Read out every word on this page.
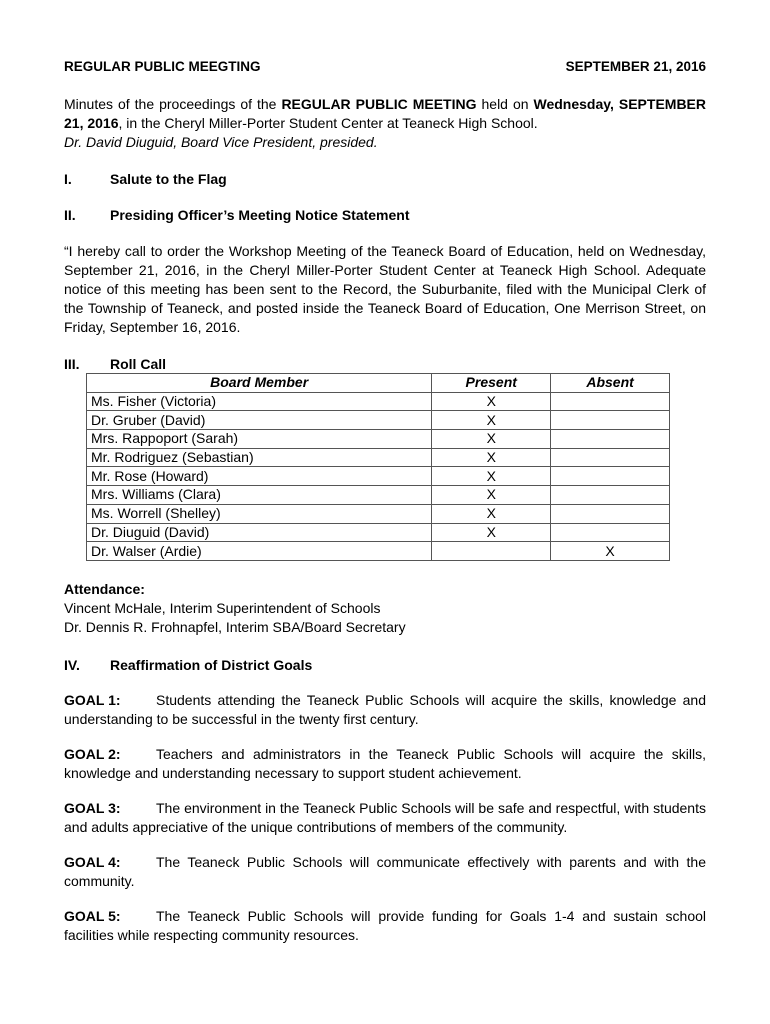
REGULAR PUBLIC MEEGTING	SEPTEMBER 21, 2016
Minutes of the proceedings of the REGULAR PUBLIC MEETING held on Wednesday, SEPTEMBER 21, 2016, in the Cheryl Miller-Porter Student Center at Teaneck High School.
Dr. David Diuguid, Board Vice President, presided.
I.	Salute to the Flag
II.	Presiding Officer’s Meeting Notice Statement
“I hereby call to order the Workshop Meeting of the Teaneck Board of Education, held on Wednesday, September 21, 2016, in the Cheryl Miller-Porter Student Center at Teaneck High School. Adequate notice of this meeting has been sent to the Record, the Suburbanite, filed with the Municipal Clerk of the Township of Teaneck, and posted inside the Teaneck Board of Education, One Merrison Street, on Friday, September 16, 2016.
III.	Roll Call
Board Member	Present	Absent
Ms. Fisher (Victoria)	X	
Dr. Gruber (David)	X	
Mrs. Rappoport (Sarah)	X	
Mr. Rodriguez (Sebastian)	X	
Mr. Rose (Howard)	X	
Mrs. Williams (Clara)	X	
Ms. Worrell (Shelley)	X	
Dr. Diuguid (David)	X	
Dr. Walser (Ardie)		X
Attendance:
Vincent McHale, Interim Superintendent of Schools
Dr. Dennis R. Frohnapfel, Interim SBA/Board Secretary
IV.	Reaffirmation of District Goals
GOAL 1:	Students attending the Teaneck Public Schools will acquire the skills, knowledge and understanding to be successful in the twenty first century.
GOAL 2:	Teachers and administrators in the Teaneck Public Schools will acquire the skills, knowledge and understanding necessary to support student achievement.
GOAL 3:	The environment in the Teaneck Public Schools will be safe and respectful, with students and adults appreciative of the unique contributions of members of the community.
GOAL 4:	The Teaneck Public Schools will communicate effectively with parents and with the community.
GOAL 5:	The Teaneck Public Schools will provide funding for Goals 1-4 and sustain school facilities while respecting community resources.
